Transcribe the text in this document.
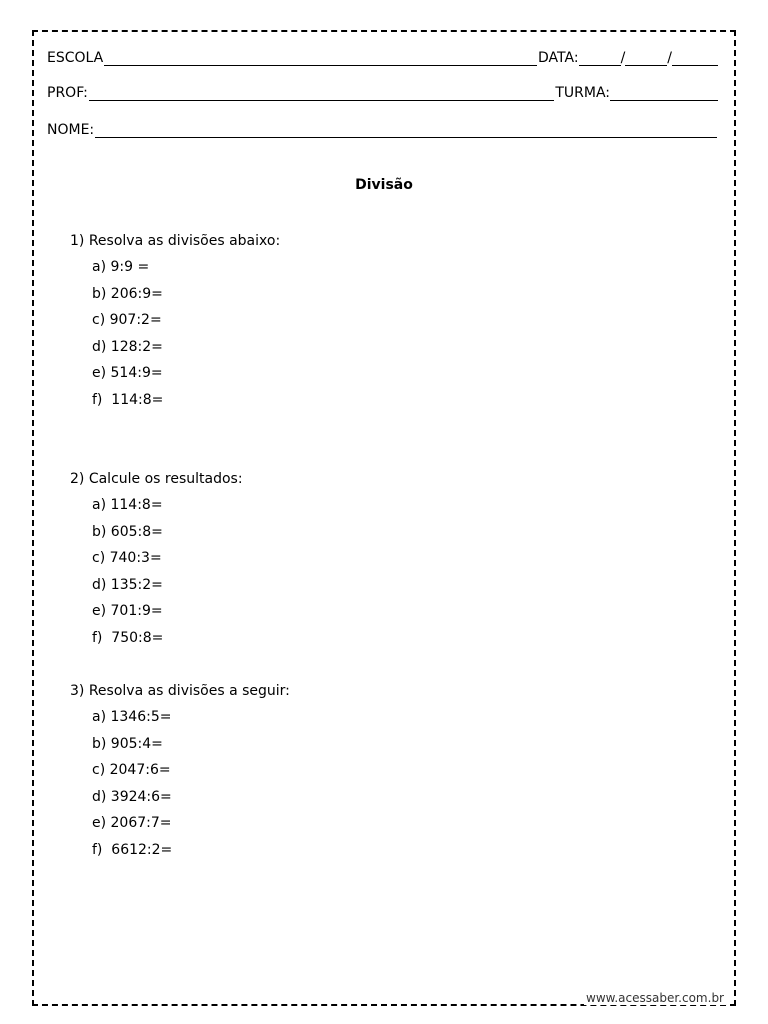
ESCOLA	DATA:	/	/
PROF:	TURMA:
NOME:
Divisão
1) Resolva as divisões abaixo:
a) 9:9 =
b) 206:9=
c) 907:2=
d) 128:2=
e) 514:9=
f)  114:8=
2) Calcule os resultados:
a) 114:8=
b) 605:8=
c) 740:3=
d) 135:2=
e) 701:9=
f)  750:8=
3) Resolva as divisões a seguir:
a) 1346:5=
b) 905:4=
c) 2047:6=
d) 3924:6=
e) 2067:7=
f)  6612:2=
www.acessaber.com.br
